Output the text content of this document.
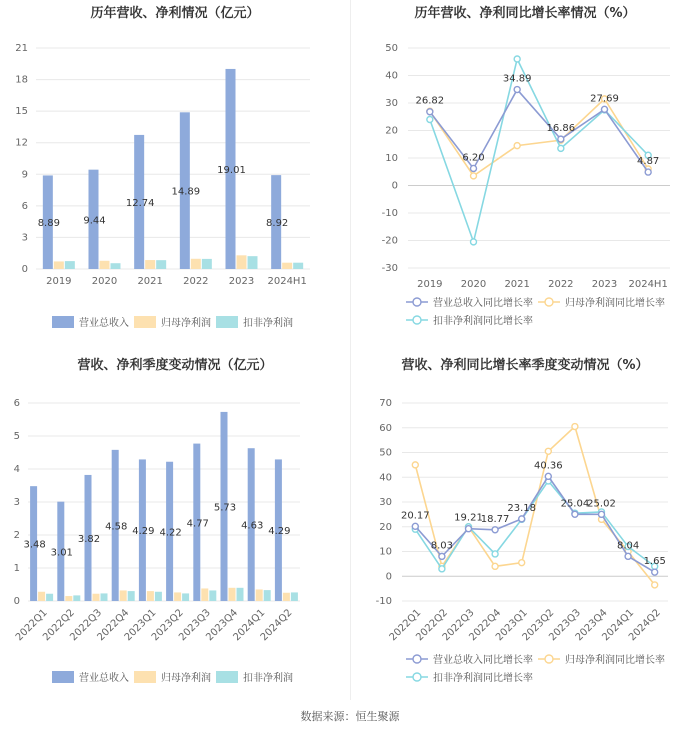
历年营收、净利情况（亿元）
0
3
6
9
12
15
18
21
8.89
2019
9.44
2020
12.74
2021
14.89
2022
19.01
2023
8.92
2024H1
营业总收入	归母净利润	扣非净利润
历年营收、净利同比增长率情况（%）
-30
-20
-10
0
10
20
30
40
50
2019 2020 2021 2022 2023 2024H1
26.82
6.20
34.89
16.86
27.69
4.87
营业总收入同比增长率	归母净利润同比增长率
扣非净利润同比增长率
营收、净利季度变动情况（亿元）
0
1
2
3
4
5
6
3.48
2022Q1
3.01
2022Q2
3.82
2022Q3
4.58
2022Q4
4.29
2023Q1
4.22
2023Q2
4.77
2023Q3
5.73
2023Q4
4.63
2024Q1
4.29
2024Q2
营业总收入	归母净利润	扣非净利润
营收、净利同比增长率季度变动情况（%）
-10
0
10
20
30
40
50
60
70
2022Q1
2022Q2
2022Q3
2022Q4
2023Q1
2023Q2
2023Q3
2023Q4
2024Q1
2024Q2
20.17
8.03
19.21
18.77
23.18
40.36
25.04
25.02
8.04
1.65
营业总收入同比增长率	归母净利润同比增长率
扣非净利润同比增长率
数据来源：恒生聚源
